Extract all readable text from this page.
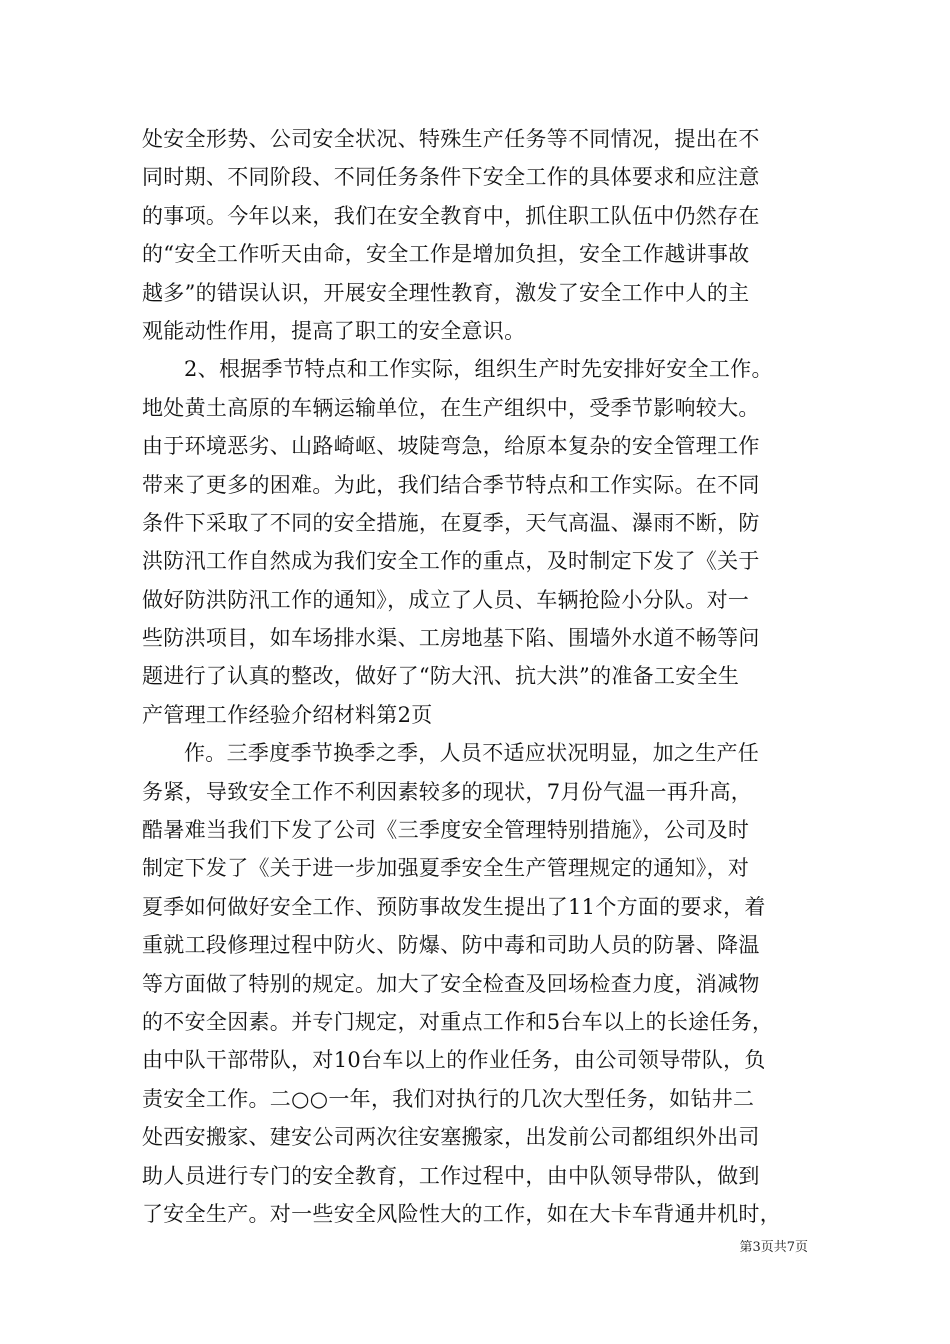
处安全形势、公司安全状况、特殊生产任务等不同情况，提出在不
同时期、不同阶段、不同任务条件下安全工作的具体要求和应注意
的事项。今年以来，我们在安全教育中，抓住职工队伍中仍然存在
的“安全工作听天由命，安全工作是增加负担，安全工作越讲事故
越多”的错误认识，开展安全理性教育，激发了安全工作中人的主
观能动性作用，提高了职工的安全意识。
2、根据季节特点和工作实际，组织生产时先安排好安全工作。
地处黄土高原的车辆运输单位，在生产组织中，受季节影响较大。
由于环境恶劣、山路崎岖、坡陡弯急，给原本复杂的安全管理工作
带来了更多的困难。为此，我们结合季节特点和工作实际。在不同
条件下采取了不同的安全措施，在夏季，天气高温、瀑雨不断，防
洪防汛工作自然成为我们安全工作的重点，及时制定下发了《关于
做好防洪防汛工作的通知》，成立了人员、车辆抢险小分队。对一
些防洪项目，如车场排水渠、工房地基下陷、围墙外水道不畅等问
题进行了认真的整改，做好了“防大汛、抗大洪”的准备工安全生
产管理工作经验介绍材料第2页
作。三季度季节换季之季，人员不适应状况明显，加之生产任
务紧，导致安全工作不利因素较多的现状，7月份气温一再升高，
酷暑难当我们下发了公司《三季度安全管理特别措施》，公司及时
制定下发了《关于进一步加强夏季安全生产管理规定的通知》，对
夏季如何做好安全工作、预防事故发生提出了11个方面的要求，着
重就工段修理过程中防火、防爆、防中毒和司助人员的防暑、降温
等方面做了特别的规定。加大了安全检查及回场检查力度，消减物
的不安全因素。并专门规定，对重点工作和5台车以上的长途任务，
由中队干部带队，对10台车以上的作业任务，由公司领导带队，负
责安全工作。二○○一年，我们对执行的几次大型任务，如钻井二
处西安搬家、建安公司两次往安塞搬家，出发前公司都组织外出司
助人员进行专门的安全教育，工作过程中，由中队领导带队，做到
了安全生产。对一些安全风险性大的工作，如在大卡车背通井机时，
第3页共7页
